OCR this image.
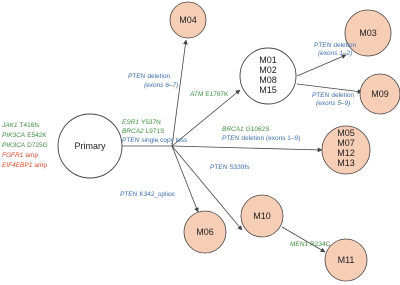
Primary
M04
M01
M02
M08
M15
M03
M09
M05
M07
M12
M13
M10
M06
M11
JAK1 T416fs
PIK3CA E542K
PIK3CA D725G
FGFR1 amp
EIF4EBP1 amp
ESR1 Y537N
BRCA2 L971S
PTEN single copy loss
PTEN deletion
(exons 6–7)
ATM E1787K
PTEN deletion
(exons 1–2)
PTEN deletion
(exons 5–9)
BRCA1 G1062S
PTEN deletion (exons 1–9)
PTEN S339fs
PTEN K342_splice
MEN1 R234C
